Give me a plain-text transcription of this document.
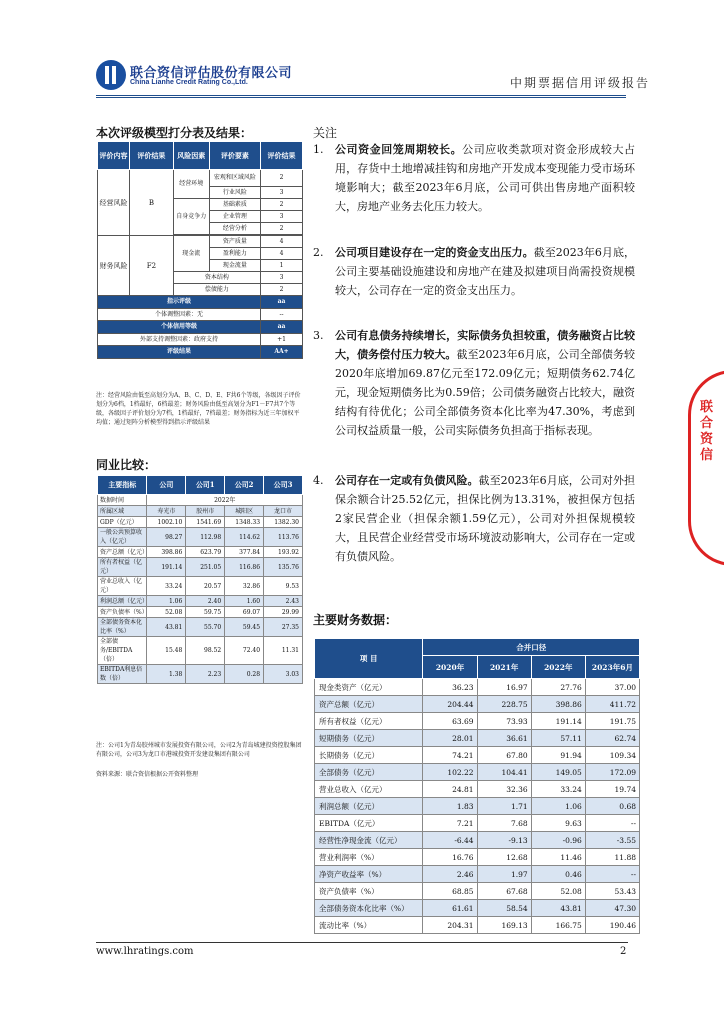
联合资信评估股份有限公司
China Lianhe Credit Rating Co.,Ltd.	中期票据信用评级报告
本次评级模型打分表及结果：
评价内容	评价结果	风险因素	评价要素	评价结果
经营风险	B	经营环境	宏观和区域风险	2
			行业风险	3
		自身竞争力	基础素质	2
			企业管理	3
			经营分析	2

财务风险	F2	现金流	资产质量	4
			盈利能力	4
			现金流量	1
		资本结构		3
		偿债能力		2
指示评级				aa
个体调整因素：无				--
个体信用等级				aa
外部支持调整因素：政府支持				+1
评级结果				AA+
注：经营风险由低至高划分为A、B、C、D、E、F共6个等级，各级因子评价划分为6档，1档最好，6档最差；财务风险由低至高划分为F1－F7共7个等级，各级因子评价划分为7档，1档最好，7档最差；财务指标为近三年加权平均值；通过矩阵分析模型得到指示评级结果
同业比较：
主要指标	公司	公司1	公司2	公司3
数据时间	2022年			
所属区域	寿光市	胶州市	城阳区	龙口市
GDP（亿元）	1002.10	1541.69	1348.33	1382.30
一般公共预算收入（亿元）	98.27	112.98	114.62	113.76
资产总额（亿元）	398.86	623.79	377.84	193.92
所有者权益（亿元）	191.14	251.05	116.86	135.76
营业总收入（亿元）	33.24	20.57	32.86	9.53
利润总额（亿元）	1.06	2.40	1.60	2.43
资产负债率（%）	52.08	59.75	69.07	29.99
全部债务资本化比率（%）	43.81	55.70	59.45	27.35
全部债务/EBITDA（倍）	15.48	98.52	72.40	11.31
EBITDA利息倍数（倍）	1.38	2.23	0.28	3.03
注：公司1为青岛胶州城市发展投资有限公司，公司2为青岛城建投资控股集团有限公司，公司3为龙口市港城投资开发建设集团有限公司
资料来源：联合资信根据公开资料整理
关注
1. 公司资金回笼周期较长。公司应收类款项对资金形成较大占用，存货中土地增减挂钩和房地产开发成本变现能力受市场环境影响大；截至2023年6月底，公司可供出售房地产面积较大，房地产业务去化压力较大。
2. 公司项目建设存在一定的资金支出压力。截至2023年6月底，公司主要基础设施建设和房地产在建及拟建项目尚需投资规模较大，公司存在一定的资金支出压力。
3. 公司有息债务持续增长，实际债务负担较重，债务融资占比较大，债务偿付压力较大。截至2023年6月底，公司全部债务较2020年底增加69.87亿元至172.09亿元；短期债务62.74亿元，现金短期债务比为0.59倍；公司债务融资占比较大，融资结构有待优化；公司全部债务资本化比率为47.30%，考虑到公司权益质量一般，公司实际债务负担高于指标表现。
4. 公司存在一定或有负债风险。截至2023年6月底，公司对外担保余额合计25.52亿元，担保比例为13.31%，被担保方包括2家民营企业（担保余额1.59亿元），公司对外担保规模较大，且民营企业经营受市场环境波动影响大，公司存在一定或有负债风险。
主要财务数据：
项 目	合并口径			
	2020年	2021年	2022年	2023年6月
现金类资产（亿元）	36.23	16.97	27.76	37.00
资产总额（亿元）	204.44	228.75	398.86	411.72
所有者权益（亿元）	63.69	73.93	191.14	191.75
短期债务（亿元）	28.01	36.61	57.11	62.74
长期债务（亿元）	74.21	67.80	91.94	109.34
全部债务（亿元）	102.22	104.41	149.05	172.09
营业总收入（亿元）	24.81	32.36	33.24	19.74
利润总额（亿元）	1.83	1.71	1.06	0.68
EBITDA（亿元）	7.21	7.68	9.63	--
经营性净现金流（亿元）	-6.44	-9.13	-0.96	-3.55
营业利润率（%）	16.76	12.68	11.46	11.88
净资产收益率（%）	2.46	1.97	0.46	--
资产负债率（%）	68.85	67.68	52.08	53.43
全部债务资本化比率（%）	61.61	58.54	43.81	47.30
流动比率（%）	204.31	169.13	166.75	190.46
联合资信
www.lhratings.com	2
